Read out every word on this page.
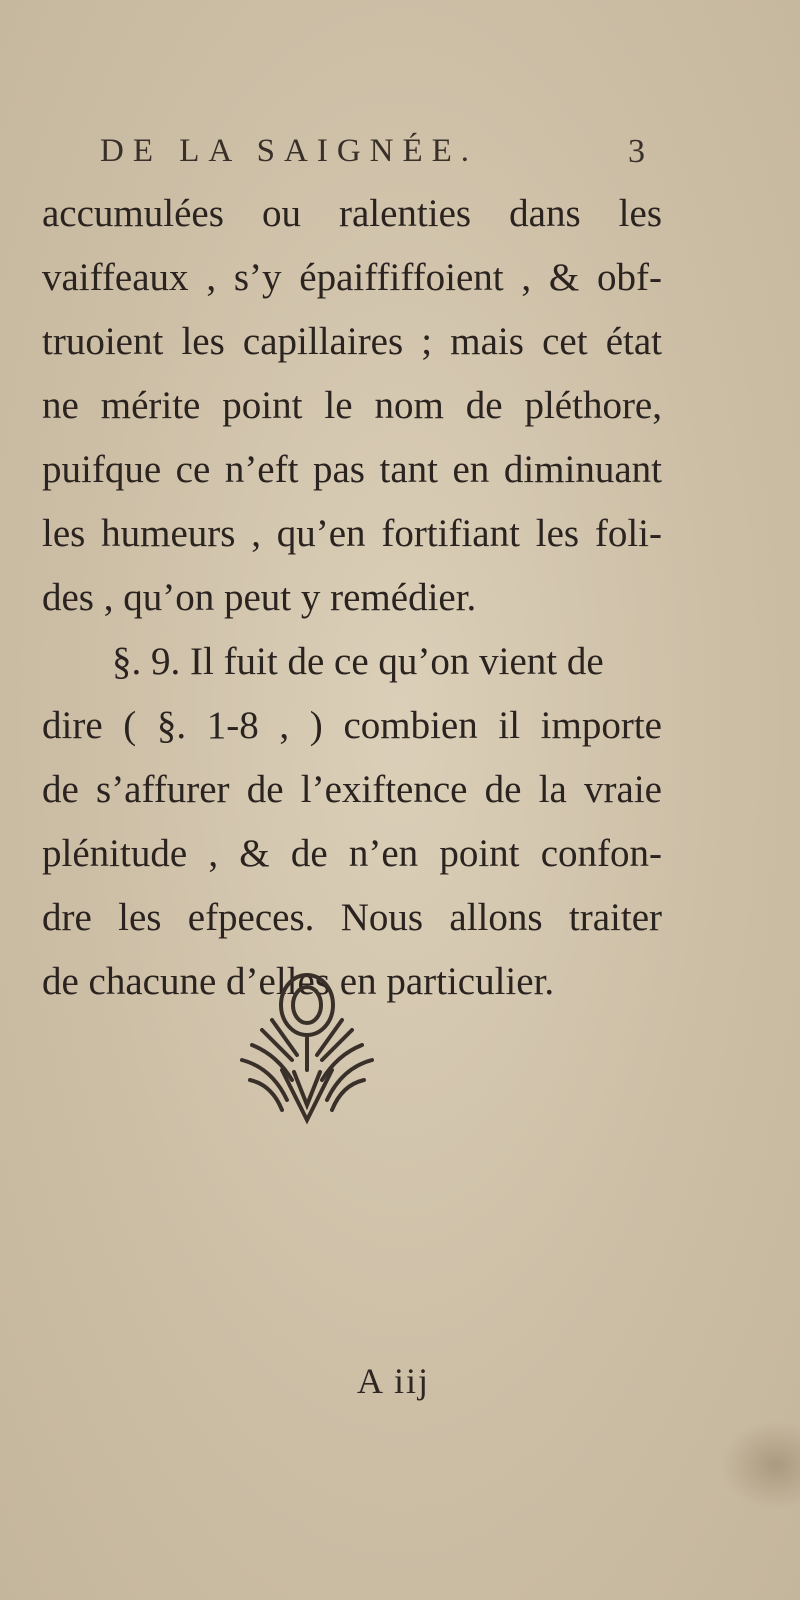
DE LA SAIGNÉE.	3
accumulées ou ralenties dans les
vaiffeaux , s’y épaiffiffoient , & obf-
truoient les capillaires ; mais cet état
ne mérite point le nom de pléthore,
puifque ce n’eft pas tant en diminuant
les humeurs , qu’en fortifiant les foli-
des , qu’on peut y remédier.
§. 9. Il fuit de ce qu’on vient de
dire ( §. 1-8 , ) combien il importe
de s’affurer de l’exiftence de la vraie
plénitude , & de n’en point confon-
dre les efpeces. Nous allons traiter
de chacune d’elles en particulier.
A iij
